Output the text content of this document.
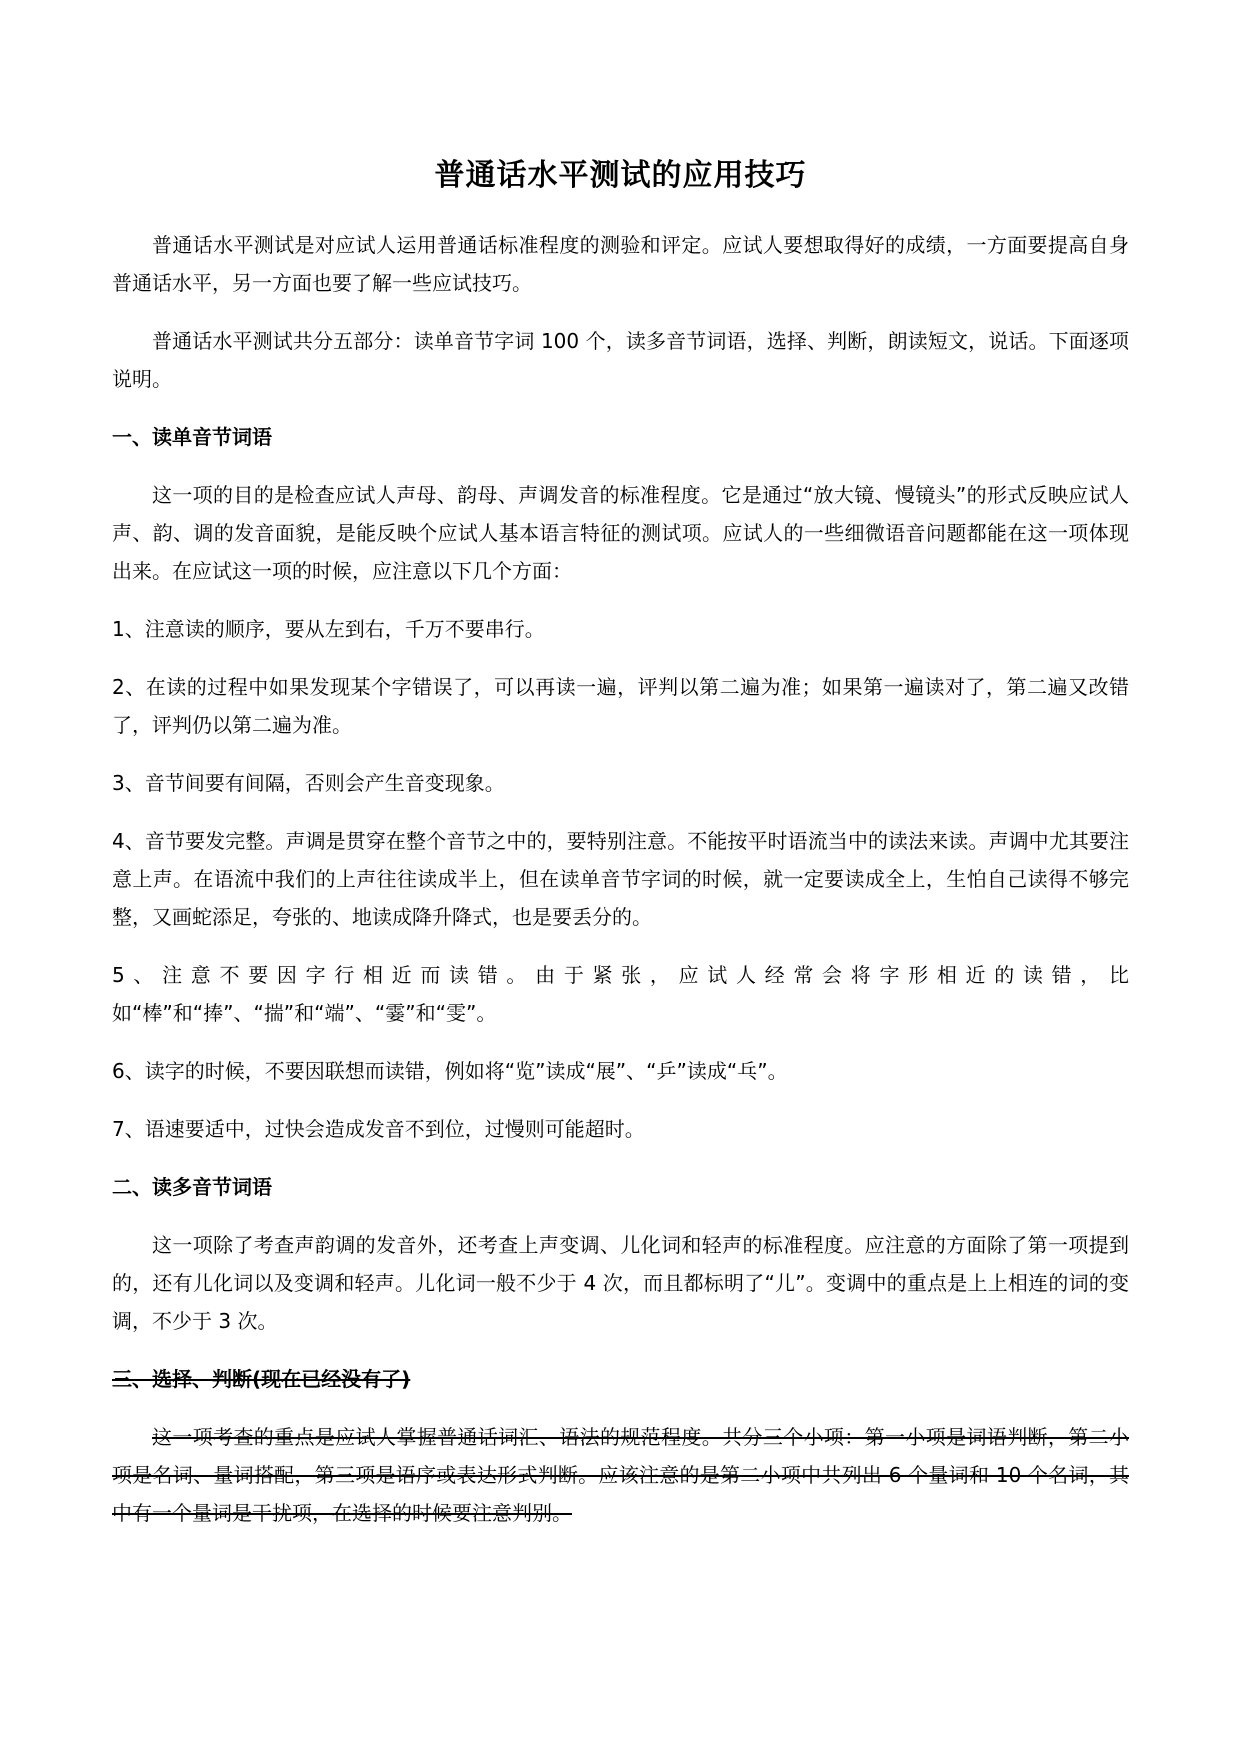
普通话水平测试的应用技巧

普通话水平测试是对应试人运用普通话标准程度的测验和评定。应试人要想取得好的成绩，一方面要提高自身普通话水平，另一方面也要了解一些应试技巧。

普通话水平测试共分五部分：读单音节字词 100 个，读多音节词语，选择、判断，朗读短文，说话。下面逐项说明。

一、读单音节词语

这一项的目的是检查应试人声母、韵母、声调发音的标准程度。它是通过“放大镜、慢镜头”的形式反映应试人声、韵、调的发音面貌，是能反映个应试人基本语言特征的测试项。应试人的一些细微语音问题都能在这一项体现出来。在应试这一项的时候，应注意以下几个方面：

1、注意读的顺序，要从左到右，千万不要串行。

2、在读的过程中如果发现某个字错误了，可以再读一遍，评判以第二遍为准；如果第一遍读对了，第二遍又改错了，评判仍以第二遍为准。

3、音节间要有间隔，否则会产生音变现象。

4、音节要发完整。声调是贯穿在整个音节之中的，要特别注意。不能按平时语流当中的读法来读。声调中尤其要注意上声。在语流中我们的上声往往读成半上，但在读单音节字词的时候，就一定要读成全上，生怕自己读得不够完整，又画蛇添足，夸张的、地读成降升降式，也是要丢分的。

5、注意不要因字行相近而读错。由于紧张，应试人经常会将字形相近的读错，比如“棒”和“捧”、“揣”和“端”、“霎”和“雯”。

6、读字的时候，不要因联想而读错，例如将“览”读成“展”、“乒”读成“乓”。

7、语速要适中，过快会造成发音不到位，过慢则可能超时。

二、读多音节词语

这一项除了考查声韵调的发音外，还考查上声变调、儿化词和轻声的标准程度。应注意的方面除了第一项提到的，还有儿化词以及变调和轻声。儿化词一般不少于 4 次，而且都标明了“儿”。变调中的重点是上上相连的词的变调，不少于 3 次。

三、选择、判断(现在已经没有了)

这一项考查的重点是应试人掌握普通话词汇、语法的规范程度。共分三个小项：第一小项是词语判断，第二小项是名词、量词搭配，第三项是语序或表达形式判断。应该注意的是第二小项中共列出 6 个量词和 10 个名词，其中有一个量词是干扰项，在选择的时候要注意判别。
